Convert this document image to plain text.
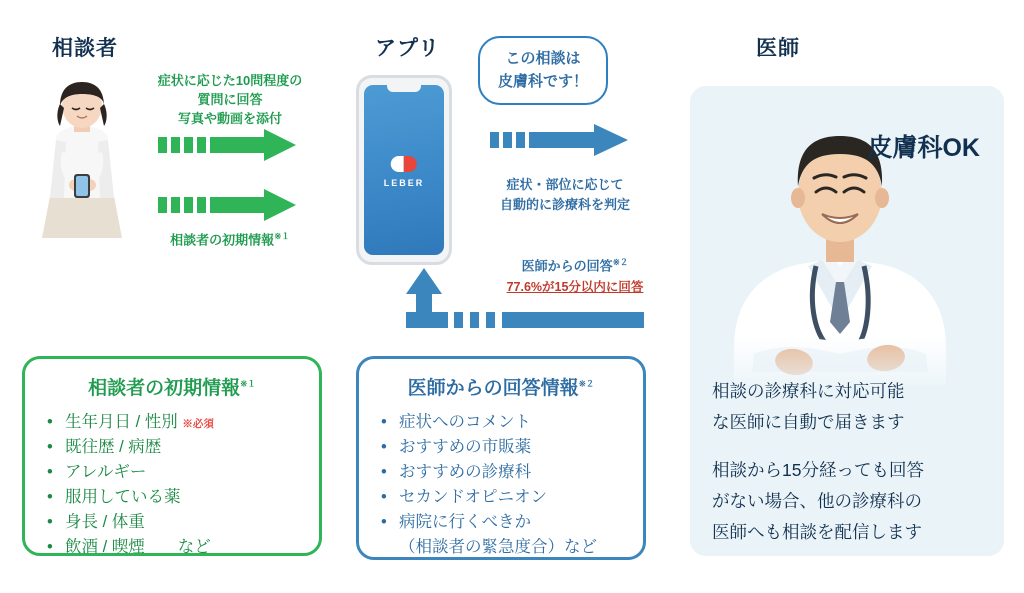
相談者	アプリ	医師
症状に応じた10問程度の
質問に回答
写真や動画を添付
相談者の初期情報$^{※1}$
LEBER
この相談は
皮膚科です！
症状・部位に応じて
自動的に診療科を判定
医師からの回答$^{※2}$
77.6%が15分以内に回答
相談者の初期情報$^{※1}$
• 生年月日 / 性別 ※必須
• 既往歴 / 病歴
• アレルギー
• 服用している薬
• 身長 / 体重
• 飲酒 / 喫煙　　など
医師からの回答情報$^{※2}$
• 症状へのコメント
• おすすめの市販薬
• おすすめの診療科
• セカンドオピニオン
• 病院に行くべきか
（相談者の緊急度合）など
皮膚科OK
相談の診療科に対応可能
な医師に自動で届きます
相談から15分経っても回答
がない場合、他の診療科の
医師へも相談を配信します
